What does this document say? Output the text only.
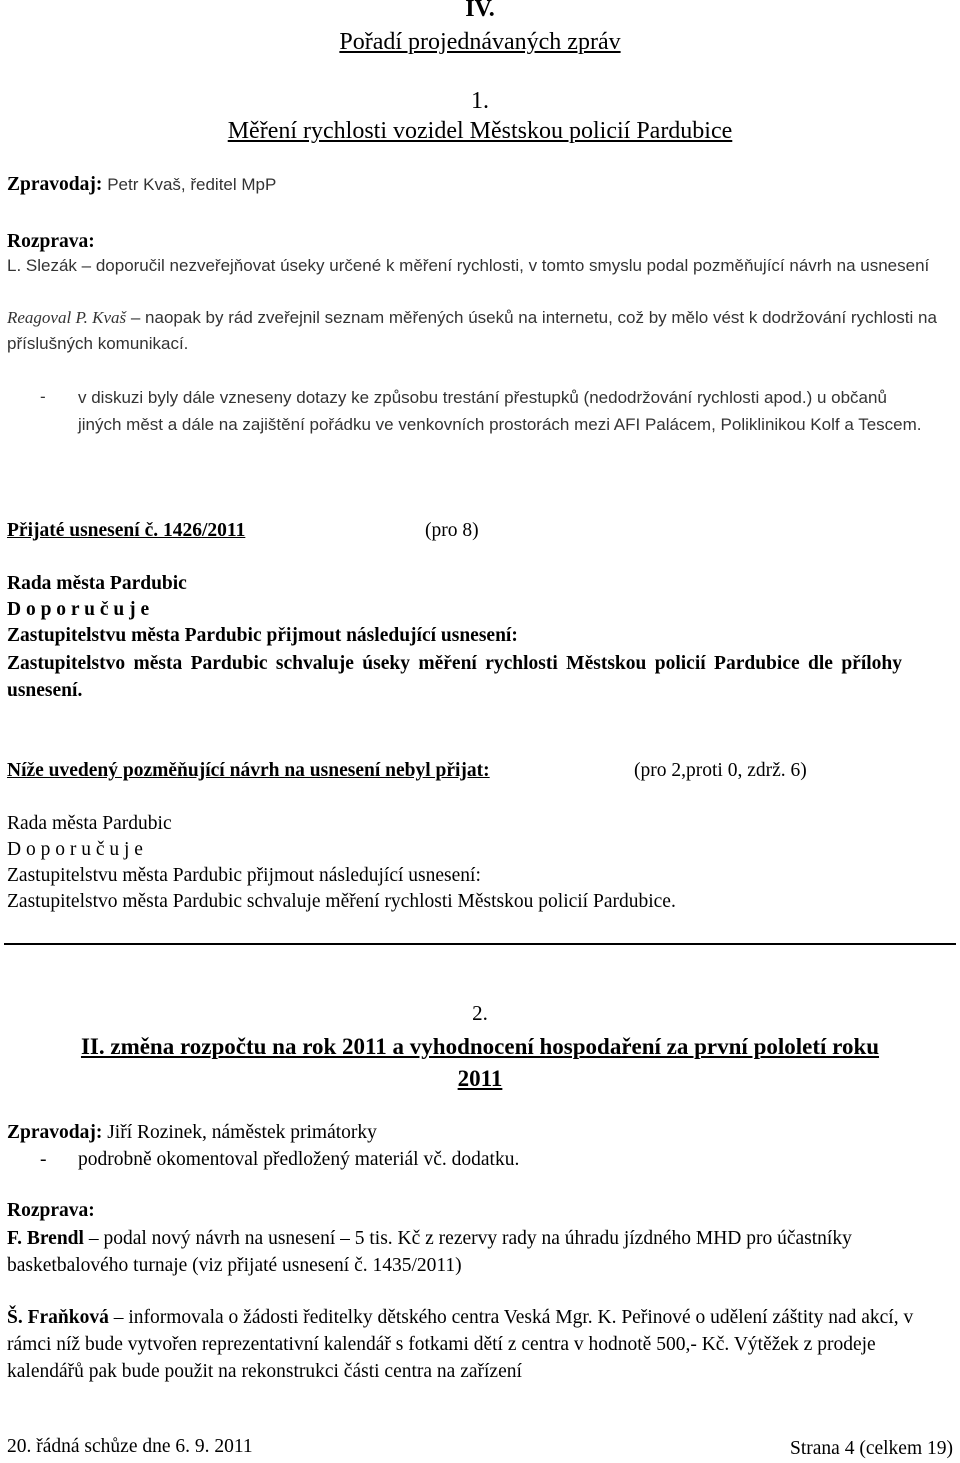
IV.
Pořadí projednávaných zpráv
1.
Měření rychlosti vozidel Městskou policií Pardubice
Zpravodaj: Petr Kvaš, ředitel MpP
Rozprava:
L. Slezák – doporučil nezveřejňovat úseky určené k měření rychlosti, v tomto smyslu podal pozměňující návrh na usnesení
Reagoval P. Kvaš – naopak by rád zveřejnil seznam měřených úseků na internetu, což by mělo vést k dodržování rychlosti na příslušných komunikací.
-	v diskuzi byly dále vzneseny dotazy ke způsobu trestání přestupků (nedodržování rychlosti apod.) u občanů jiných měst a dále na zajištění pořádku ve venkovních prostorách mezi AFI Palácem, Poliklinikou Kolf a Tescem.
Přijaté usnesení č. 1426/2011	(pro 8)
Rada města Pardubic
D o p o r u č u j e
Zastupitelstvu města Pardubic přijmout následující usnesení:
Zastupitelstvo města Pardubic schvaluje úseky měření rychlosti Městskou policií Pardubice dle přílohy usnesení.
Níže uvedený pozměňující návrh na usnesení nebyl přijat:	(pro 2,proti 0, zdrž. 6)
Rada města Pardubic
D o p o r u č u j e
Zastupitelstvu města Pardubic přijmout následující usnesení:
Zastupitelstvo města Pardubic schvaluje měření rychlosti Městskou policií Pardubice.
2.
II. změna rozpočtu na rok 2011 a vyhodnocení hospodaření za první pololetí roku
2011
Zpravodaj: Jiří Rozinek, náměstek primátorky
-	podrobně okomentoval předložený materiál vč. dodatku.
Rozprava:
F. Brendl – podal nový návrh na usnesení – 5 tis. Kč z rezervy rady na úhradu jízdného MHD pro účastníky basketbalového turnaje (viz přijaté usnesení č. 1435/2011)
Š. Fraňková – informovala o žádosti ředitelky dětského centra Veská Mgr. K. Peřinové o udělení záštity nad akcí, v rámci níž bude vytvořen reprezentativní kalendář s fotkami dětí z centra v hodnotě 500,- Kč. Výtěžek z prodeje kalendářů pak bude použit na rekonstrukci části centra na zařízení
20. řádná schůze dne 6. 9. 2011	Strana 4 (celkem 19)
